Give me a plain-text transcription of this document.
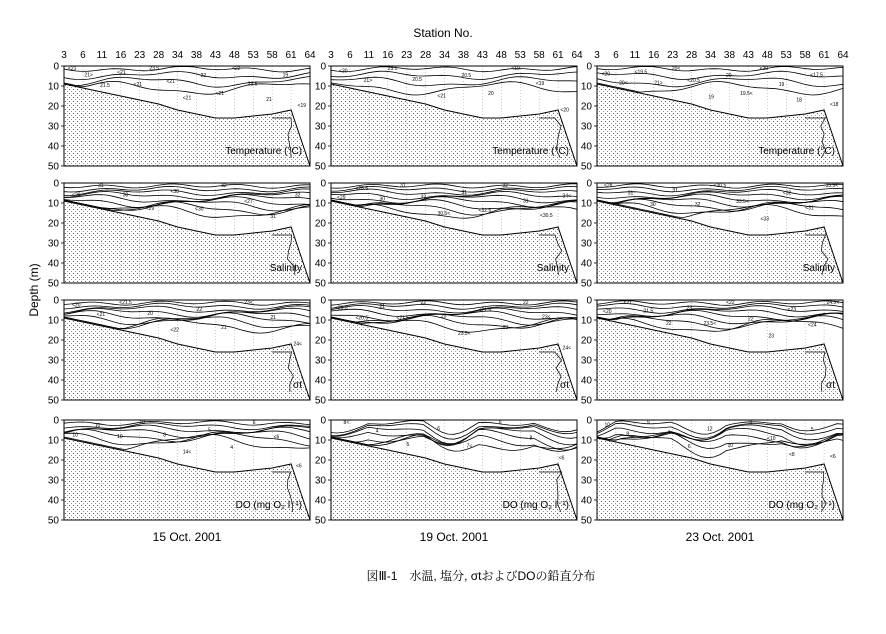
Station No.
Depth (m)
3 6 11 16 23 28 34 38 43 48 53 58 61 64 3 6 11 16 23 28 34 38 43 48 53 58 61 64 3 6 11 16 23 28 34 38 43 48 53 58 61 64
<21
21>
21.5
<21
<21
23.5
<21
<21
22
<21
<22
23.5
21
19
<19
Temperature (°C)
0
10
20
30
40
50
<20
21>
23.5
20.5
<21
20.5
20
<19
<19
<20
Temperature (°C)
0
10
20
30
40
50
<20
20<
<19.5
21>
20<
<20.5
19
20
19.5<
<20
19
18
<17.5
<18
Temperature (°C)
0
10
20
30
40
50
<28
31
30
<29
<30
<30
32
<27
31
32
Salinity
0
10
20
30
40
50
<29
<28.5
30
31
32
30.5<
31
<32.5
32
31
<30.5
34<
Salinity
0
10
20
30
40
50
<28
31
30
31
32
<30.5
33.5<
<33
<32
<31
33.5<
Salinity
0
10
20
30
40
50
<20
<21
<21.5
20
<22
22
21
23<
21
24<
σt
0
10
20
30
40
50
<20.5
<20.5
21
<21.5
22
23
23.5<
<21.5
23
22
23<
24<
σt
0
10
20
30
40
50
<20
<21
21.5
22
23
23.5<
<22
22
23
<23
<24
24.5<
σt
0
10
20
30
40
50
10
10
10
10
8
14<
5
4
6
<6
<6
DO (mg O₂ l⁻¹)
0
10
20
30
40
50
8<
4
5
6
7<
6
8
<6
DO (mg O₂ l⁻¹)
0
10
20
30
40
50
10
8
9
4
6
12
10
9
<10
<8
5
<6
DO (mg O₂ l⁻¹)
0
10
20
30
40
50
15 Oct. 2001	19 Oct. 2001	23 Oct. 2001
図Ⅲ-1　水温, 塩分, σtおよびDOの鉛直分布
